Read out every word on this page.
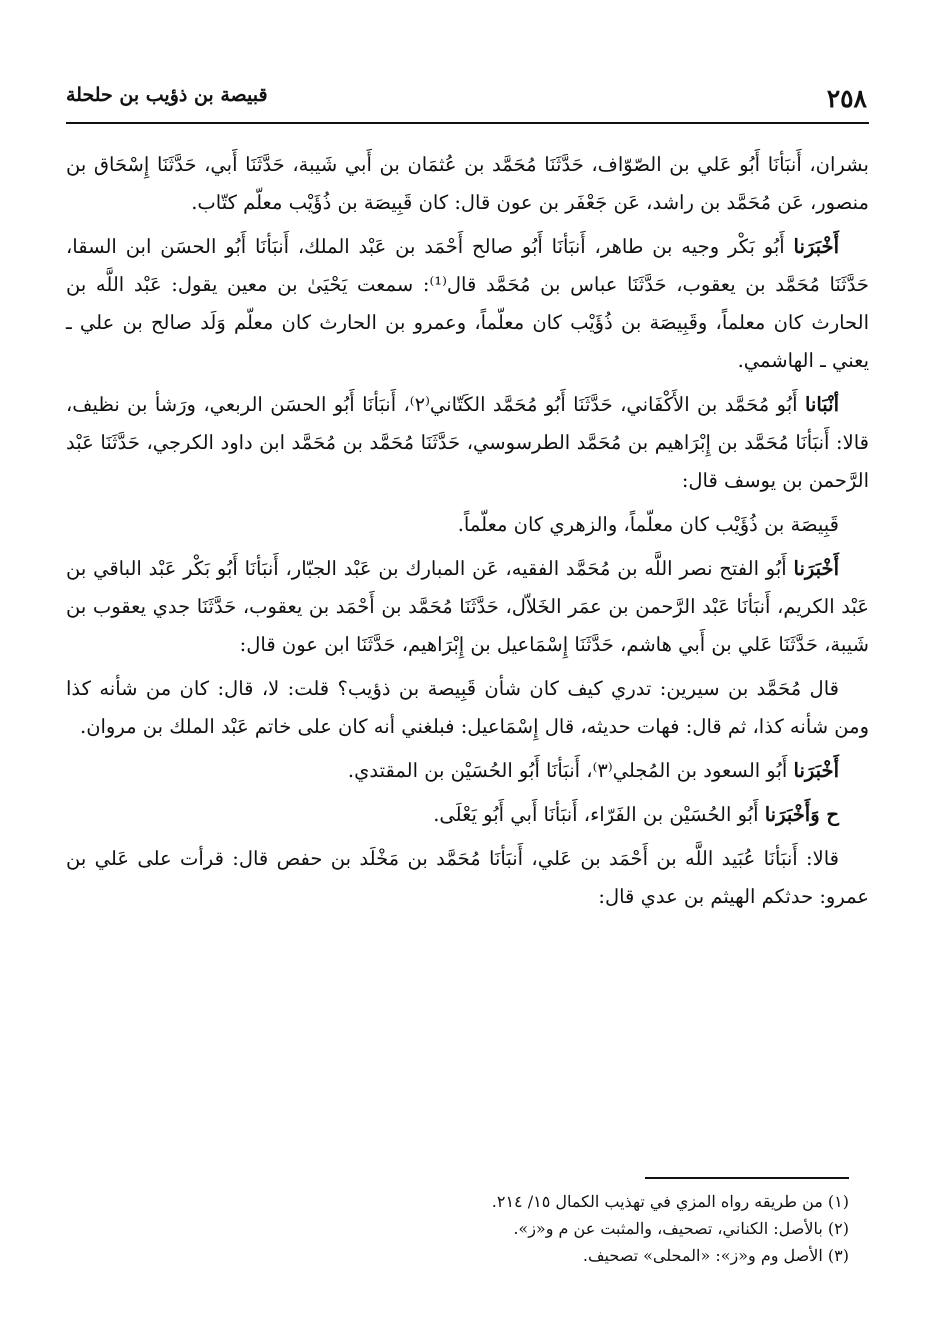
٢٥٨
قبيصة بن ذؤيب بن حلحلة

بشران، أَنبَأنَا أَبُو عَلي بن الصّوّاف، حَدَّثَنَا مُحَمَّد بن عُثمَان بن أَبي شَيبة، حَدَّثَنَا أَبي، حَدَّثَنَا إِسْحَاق بن منصور، عَن مُحَمَّد بن راشد، عَن جَعْفَر بن عون قال: كان قَبِيصَة بن ذُؤَيْب معلّم كتّاب.

أَخْبَرَنا أَبُو بَكْر وجيه بن طاهر، أَنبَأنَا أَبُو صالح أَحْمَد بن عَبْد الملك، أَنبَأنَا أَبُو الحسَن ابن السقا، حَدَّثَنَا مُحَمَّد بن يعقوب، حَدَّثَنَا عباس بن مُحَمَّد قال⁽¹⁾: سمعت يَحْيَىٰ بن معين يقول: عَبْد اللَّه بن الحارث كان معلماً، وقَبِيصَة بن ذُؤَيْب كان معلّماً، وعمرو بن الحارث كان معلّم وَلَد صالح بن علي ـ يعني ـ الهاشمي.

أنْبَانا أَبُو مُحَمَّد بن الأَكْفَاني، حَدَّثَنَا أَبُو مُحَمَّد الكَتّاني⁽٢⁾، أَنبَأنَا أَبُو الحسَن الربعي، ورَشأ بن نظيف، قالا: أَنبَأنَا مُحَمَّد بن إِبْرَاهيم بن مُحَمَّد الطرسوسي، حَدَّثَنَا مُحَمَّد بن مُحَمَّد ابن داود الكرجي، حَدَّثَنَا عَبْد الرَّحمن بن يوسف قال:

قَبِيصَة بن ذُؤَيْب كان معلّماً، والزهري كان معلّماً.

أَخْبَرَنا أَبُو الفتح نصر اللَّه بن مُحَمَّد الفقيه، عَن المبارك بن عَبْد الجبّار، أَنبَأنَا أَبُو بَكْر عَبْد الباقي بن عَبْد الكريم، أَنبَأنَا عَبْد الرَّحمن بن عمَر الخَلاّل، حَدَّثَنَا مُحَمَّد بن أَحْمَد بن يعقوب، حَدَّثَنَا جدي يعقوب بن شَيبة، حَدَّثَنَا عَلي بن أَبي هاشم، حَدَّثَنَا إِسْمَاعيل بن إِبْرَاهيم، حَدَّثَنَا ابن عون قال:

قال مُحَمَّد بن سيرين: تدري كيف كان شأن قَبِيصة بن ذؤيب؟ قلت: لا، قال: كان من شأنه كذا ومن شأنه كذا، ثم قال: فهات حديثه، قال إِسْمَاعيل: فبلغني أنه كان على خاتم عَبْد الملك بن مروان.

أَخْبَرَنا أَبُو السعود بن المُجلي⁽٣⁾، أَنبَأنَا أَبُو الحُسَيْن بن المقتدي.

ح وَأَخْبَرَنا أَبُو الحُسَيْن بن الفَرّاء، أَنبَأنَا أَبي أَبُو يَعْلَى.

قالا: أَنبَأنَا عُبَيد اللَّه بن أَحْمَد بن عَلي، أَنبَأنَا مُحَمَّد بن مَخْلَد بن حفص قال: قرأت على عَلي بن عمرو: حدثكم الهيثم بن عدي قال:

(١) من طريقه رواه المزي في تهذيب الكمال ١٥/ ٢١٤.

(٢) بالأصل: الكناني، تصحيف، والمثبت عن م و«ز».

(٣) الأصل وم و«ز»: «المحلى» تصحيف.
